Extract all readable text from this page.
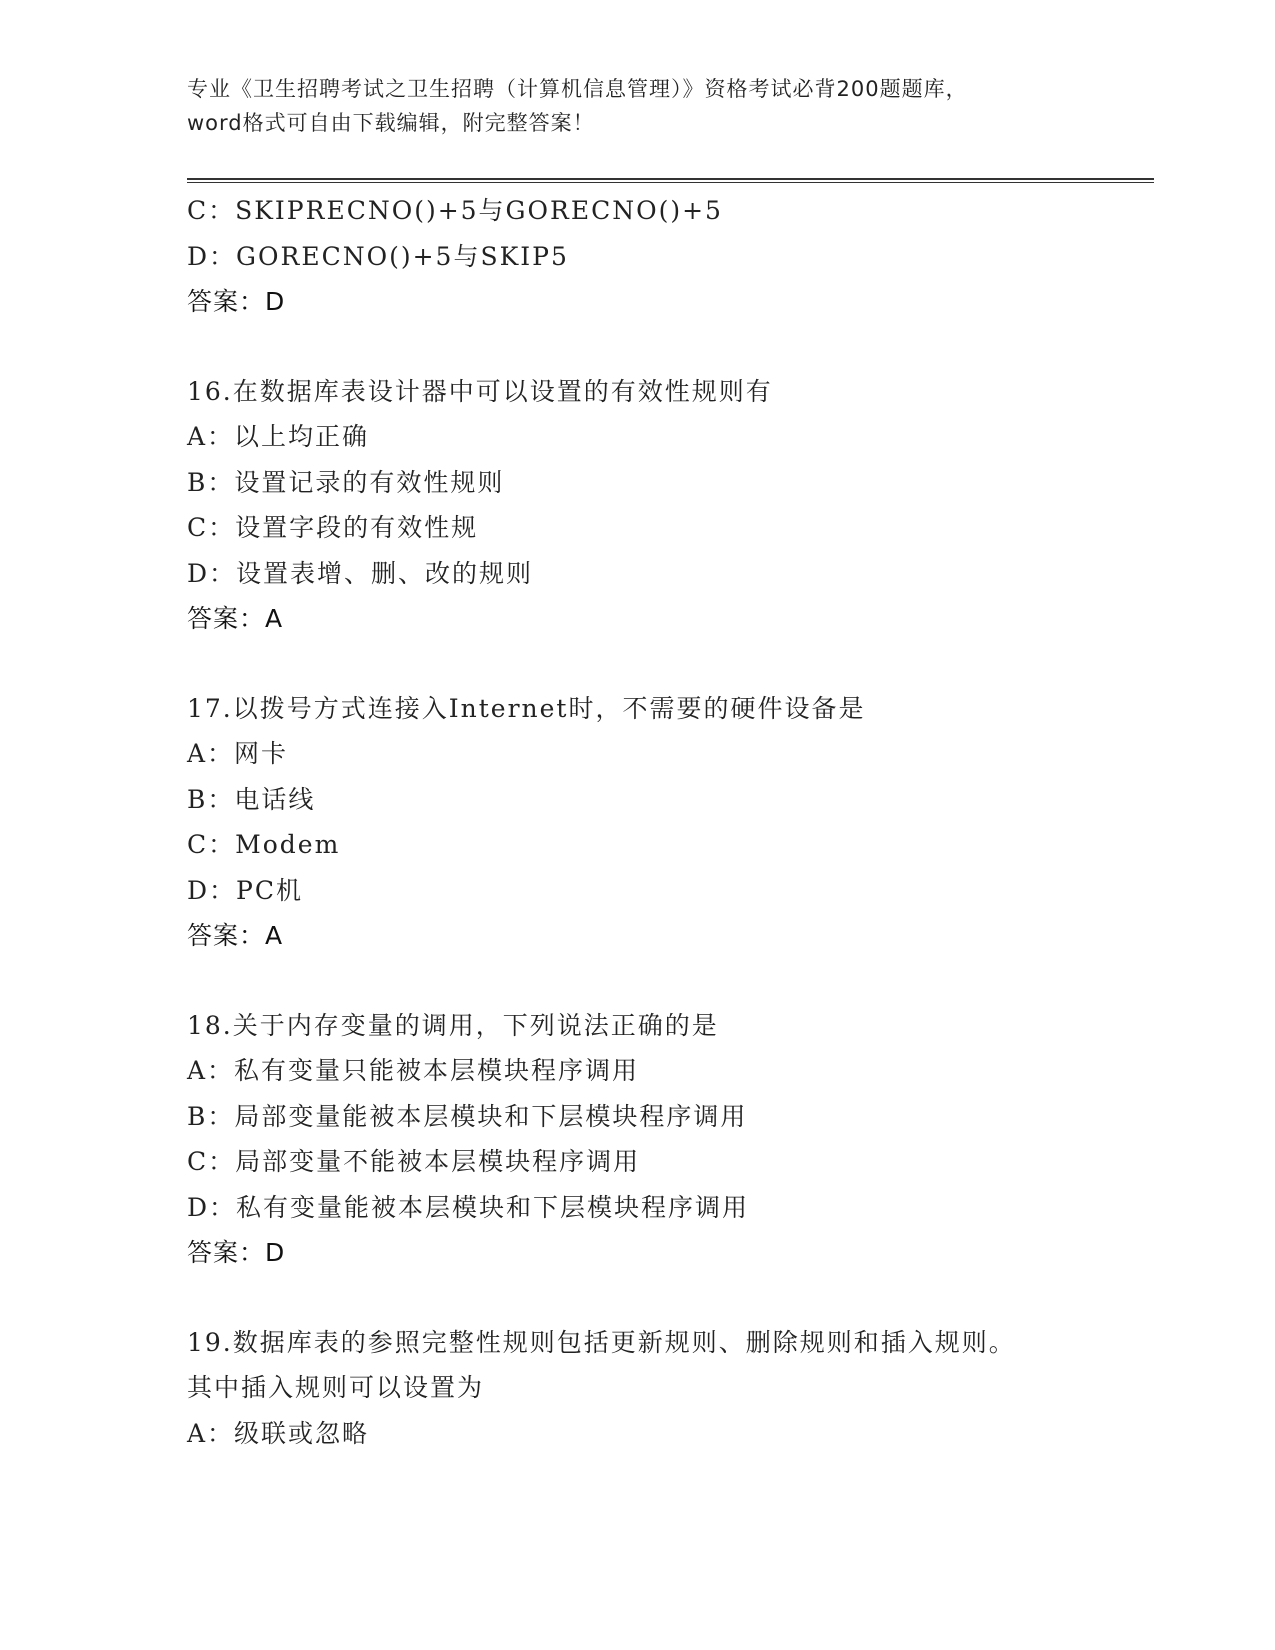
专业《卫生招聘考试之卫生招聘（计算机信息管理）》资格考试必背200题题库，
word格式可自由下载编辑，附完整答案！
C：SKIPRECNO()+5与GORECNO()+5
D：GORECNO()+5与SKIP5
答案：D
16.在数据库表设计器中可以设置的有效性规则有
A：以上均正确
B：设置记录的有效性规则
C：设置字段的有效性规
D：设置表增、删、改的规则
答案：A
17.以拨号方式连接入Internet时，不需要的硬件设备是
A：网卡
B：电话线
C：Modem
D：PC机
答案：A
18.关于内存变量的调用，下列说法正确的是
A：私有变量只能被本层模块程序调用
B：局部变量能被本层模块和下层模块程序调用
C：局部变量不能被本层模块程序调用
D：私有变量能被本层模块和下层模块程序调用
答案：D
19.数据库表的参照完整性规则包括更新规则、删除规则和插入规则。
其中插入规则可以设置为
A：级联或忽略
